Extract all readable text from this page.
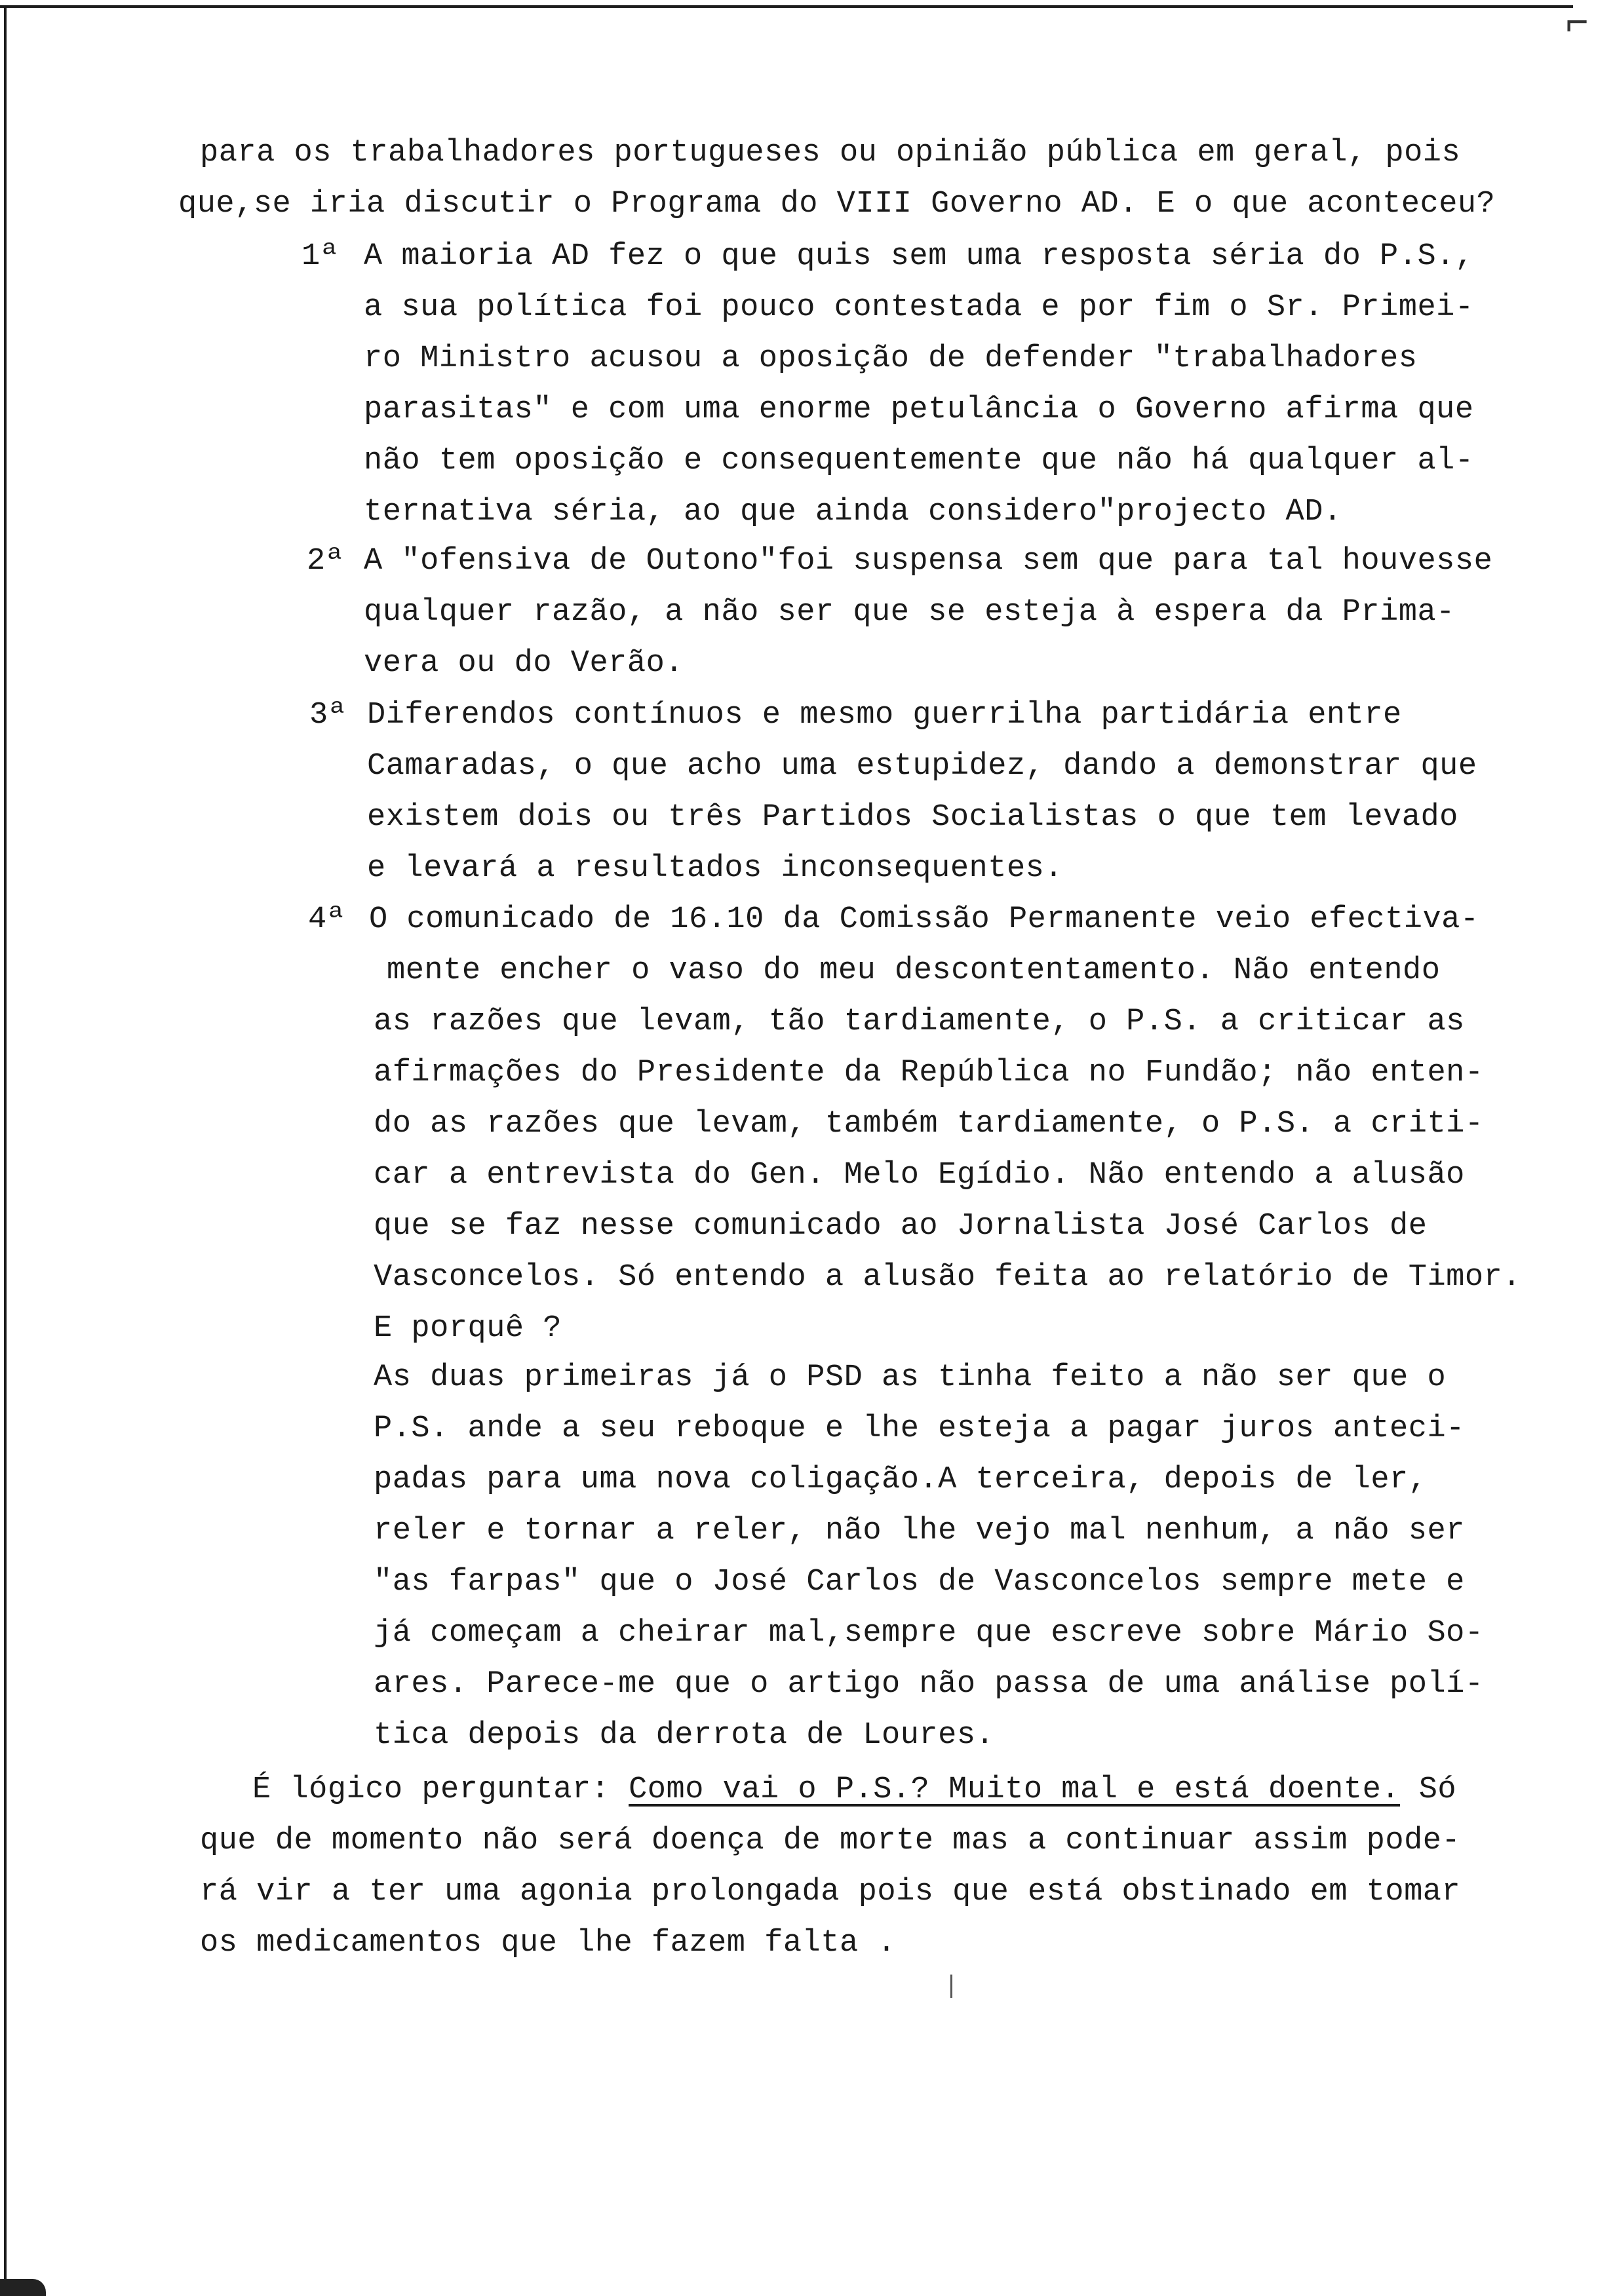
⌐

para os trabalhadores portugueses ou opinião pública em geral, pois

que,se iria discutir o Programa do VIII Governo AD. E o que aconteceu?

1ª A maioria AD fez o que quis sem uma resposta séria do P.S.,

a sua política foi pouco contestada e por fim o Sr. Primei-

ro Ministro acusou a oposição de defender "trabalhadores

parasitas" e com uma enorme petulância o Governo afirma que

não tem oposição e consequentemente que não há qualquer al-

ternativa séria, ao que ainda considero"projecto AD.

2ª A "ofensiva de Outono"foi suspensa sem que para tal houvesse

qualquer razão, a não ser que se esteja à espera da Prima-

vera ou do Verão.

3ª Diferendos contínuos e mesmo guerrilha partidária entre

Camaradas, o que acho uma estupidez, dando a demonstrar que

existem dois ou três Partidos Socialistas o que tem levado

e levará a resultados inconsequentes.

4ª O comunicado de 16.10 da Comissão Permanente veio efectiva-

mente encher o vaso do meu descontentamento. Não entendo

as razões que levam, tão tardiamente, o P.S. a criticar as

afirmações do Presidente da República no Fundão; não enten-

do as razões que levam, também tardiamente, o P.S. a criti-

car a entrevista do Gen. Melo Egídio. Não entendo a alusão

que se faz nesse comunicado ao Jornalista José Carlos de

Vasconcelos. Só entendo a alusão feita ao relatório de Timor.

E porquê ?

As duas primeiras já o PSD as tinha feito a não ser que o

P.S. ande a seu reboque e lhe esteja a pagar juros anteci-

padas para uma nova coligação.A terceira, depois de ler,

reler e tornar a reler, não lhe vejo mal nenhum, a não ser

"as farpas" que o José Carlos de Vasconcelos sempre mete e

já começam a cheirar mal,sempre que escreve sobre Mário So-

ares. Parece-me que o artigo não passa de uma análise polí-

tica depois da derrota de Loures.

É lógico perguntar: Como vai o P.S.? Muito mal e está doente. Só

que de momento não será doença de morte mas a continuar assim pode-

rá vir a ter uma agonia prolongada pois que está obstinado em tomar

os medicamentos que lhe fazem falta .

|
